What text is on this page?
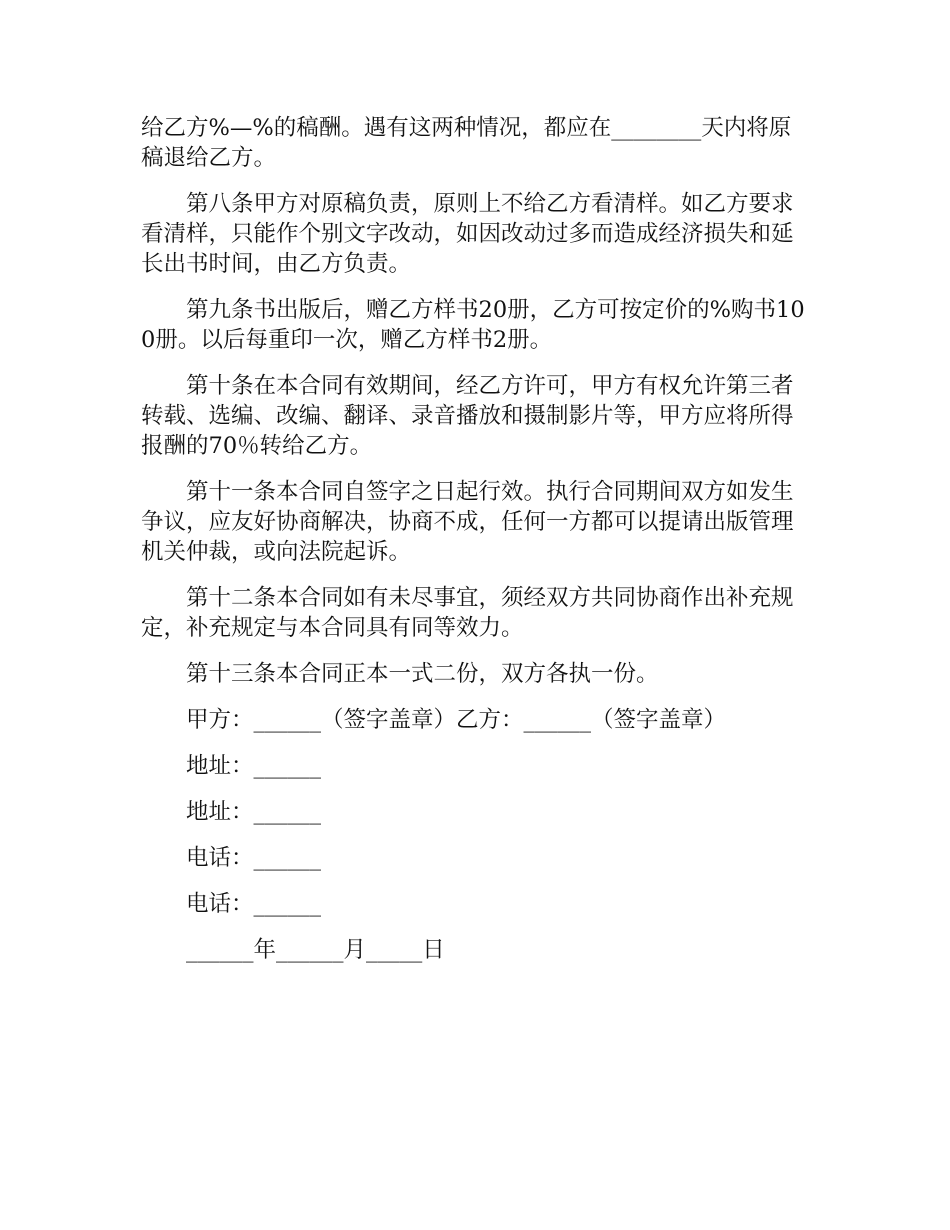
给乙方%—%的稿酬。遇有这两种情况，都应在________天内将原稿退给乙方。

第八条甲方对原稿负责，原则上不给乙方看清样。如乙方要求看清样，只能作个别文字改动，如因改动过多而造成经济损失和延长出书时间，由乙方负责。

第九条书出版后，赠乙方样书20册，乙方可按定价的%购书100册。以后每重印一次，赠乙方样书2册。

第十条在本合同有效期间，经乙方许可，甲方有权允许第三者转载、选编、改编、翻译、录音播放和摄制影片等，甲方应将所得报酬的70％转给乙方。

第十一条本合同自签字之日起行效。执行合同期间双方如发生争议，应友好协商解决，协商不成，任何一方都可以提请出版管理机关仲裁，或向法院起诉。

第十二条本合同如有未尽事宜，须经双方共同协商作出补充规定，补充规定与本合同具有同等效力。

第十三条本合同正本一式二份，双方各执一份。
甲方：______（签字盖章）乙方：______（签字盖章）
地址：______
地址：______
电话：______
电话：______
______年______月_____日
